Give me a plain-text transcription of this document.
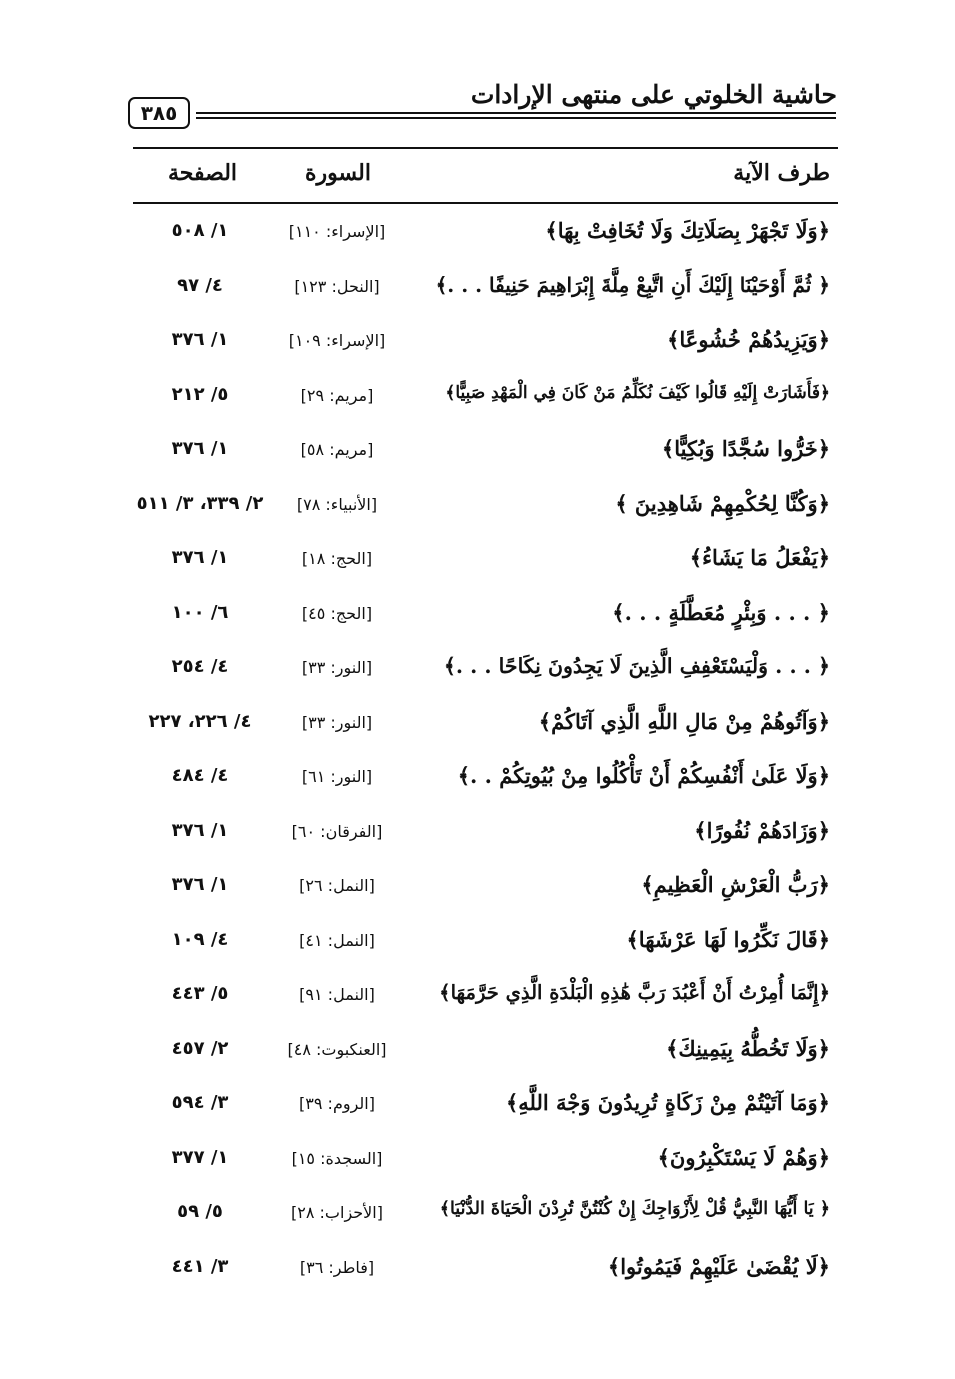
حاشية الخلوتي على منتهى الإرادات
٣٨٥
طرف الآية
السورة
الصفحة
﴿وَلَا تَجْهَرْ بِصَلَاتِكَ وَلَا تُخَافِتْ بِهَا﴾
[الإسراء: ١١٠]
١/ ٥٠٨
﴿ ثُمَّ أَوْحَيْنَا إِلَيْكَ أَنِ اتَّبِعْ مِلَّةَ إِبْرَاهِيمَ حَنِيفًا . . .﴾
[النحل: ١٢٣]
٤/ ٩٧
﴿وَيَزِيدُهُمْ خُشُوعًا﴾
[الإسراء: ١٠٩]
١/ ٣٧٦
﴿فَأَشَارَتْ إِلَيْهِ قَالُوا كَيْفَ نُكَلِّمُ مَنْ كَانَ فِي الْمَهْدِ صَبِيًّا﴾
[مريم: ٢٩]
٥/ ٢١٢
﴿خَرُّوا سُجَّدًا وَبُكِيًّا﴾
[مريم: ٥٨]
١/ ٣٧٦
﴿وَكُنَّا لِحُكْمِهِمْ شَاهِدِينَ ﴾
[الأنبياء: ٧٨]
٢/ ٣٣٩، ٣/ ٥١١
﴿يَفْعَلُ مَا يَشَاءُ﴾
[الحج: ١٨]
١/ ٣٧٦
﴿ . . . وَبِئْرٍ مُعَطَّلَةٍ . . .﴾
[الحج: ٤٥]
٦/ ١٠٠
﴿ . . . وَلْيَسْتَعْفِفِ الَّذِينَ لَا يَجِدُونَ نِكَاحًا . . .﴾
[النور: ٣٣]
٤/ ٢٥٤
﴿وَآتُوهُمْ مِنْ مَالِ اللَّهِ الَّذِي آتَاكُمْ﴾
[النور: ٣٣]
٤/ ٢٢٦، ٢٢٧
﴿وَلَا عَلَىٰ أَنْفُسِكُمْ أَنْ تَأْكُلُوا مِنْ بُيُوتِكُمْ . .﴾
[النور: ٦١]
٤/ ٤٨٤
﴿وَزَادَهُمْ نُفُورًا﴾
[الفرقان: ٦٠]
١/ ٣٧٦
﴿رَبُّ الْعَرْشِ الْعَظِيمِ﴾
[النمل: ٢٦]
١/ ٣٧٦
﴿قَالَ نَكِّرُوا لَهَا عَرْشَهَا﴾
[النمل: ٤١]
٤/ ١٠٩
﴿إِنَّمَا أُمِرْتُ أَنْ أَعْبُدَ رَبَّ هَٰذِهِ الْبَلْدَةِ الَّذِي حَرَّمَهَا﴾
[النمل: ٩١]
٥/ ٤٤٣
﴿وَلَا تَخُطُّهُ بِيَمِينِكَ﴾
[العنكبوت: ٤٨]
٢/ ٤٥٧
﴿وَمَا آتَيْتُمْ مِنْ زَكَاةٍ تُرِيدُونَ وَجْهَ اللَّهِ﴾
[الروم: ٣٩]
٣/ ٥٩٤
﴿وَهُمْ لَا يَسْتَكْبِرُونَ﴾
[السجدة: ١٥]
١/ ٣٧٧
﴿ يَا أَيُّهَا النَّبِيُّ قُلْ لِأَزْوَاجِكَ إِنْ كُنْتُنَّ تُرِدْنَ الْحَيَاةَ الدُّنْيَا﴾
[الأحزاب: ٢٨]
٥/ ٥٩
﴿لَا يُقْضَىٰ عَلَيْهِمْ فَيَمُوتُوا﴾
[فاطر: ٣٦]
٣/ ٤٤١
